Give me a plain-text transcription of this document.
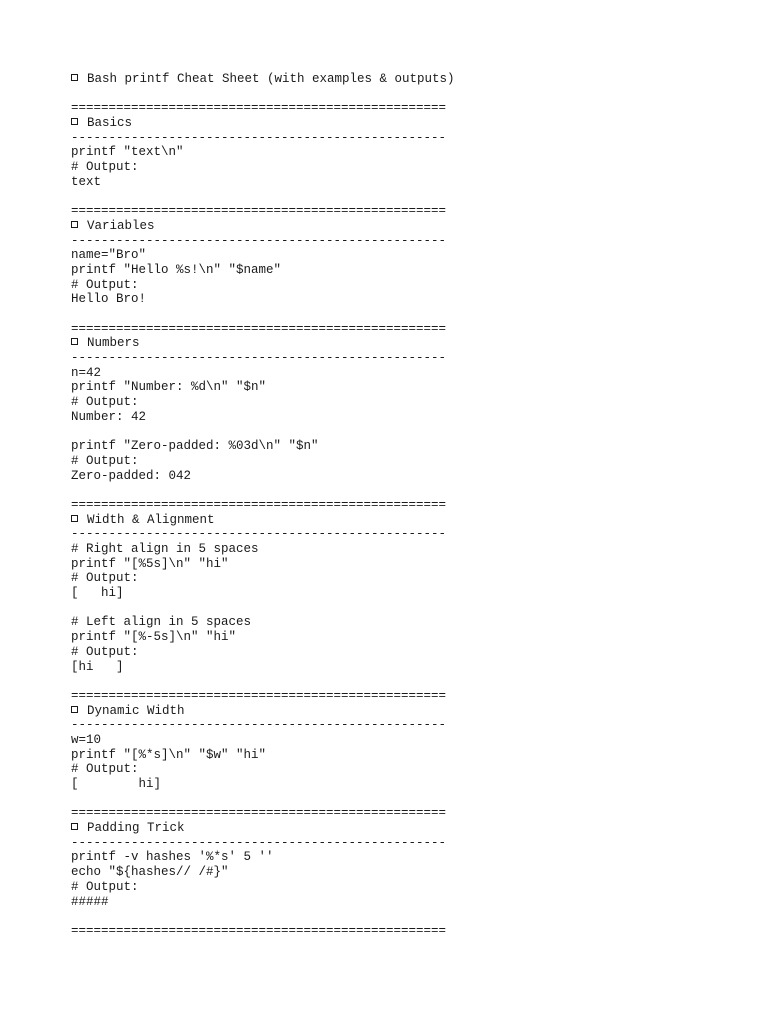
Bash printf Cheat Sheet (with examples & outputs)
==================================================
Basics
--------------------------------------------------
printf "text\n"
# Output:
text
==================================================
Variables
--------------------------------------------------
name="Bro"
printf "Hello %s!\n" "$name"
# Output:
Hello Bro!
==================================================
Numbers
--------------------------------------------------
n=42
printf "Number: %d\n" "$n"
# Output:
Number: 42
printf "Zero-padded: %03d\n" "$n"
# Output:
Zero-padded: 042
==================================================
Width & Alignment
--------------------------------------------------
# Right align in 5 spaces
printf "[%5s]\n" "hi"
# Output:
[   hi]
# Left align in 5 spaces
printf "[%-5s]\n" "hi"
# Output:
[hi   ]
==================================================
Dynamic Width
--------------------------------------------------
w=10
printf "[%*s]\n" "$w" "hi"
# Output:
[        hi]
==================================================
Padding Trick
--------------------------------------------------
printf -v hashes '%*s' 5 ''
echo "${hashes// /#}"
# Output:
#####
==================================================
